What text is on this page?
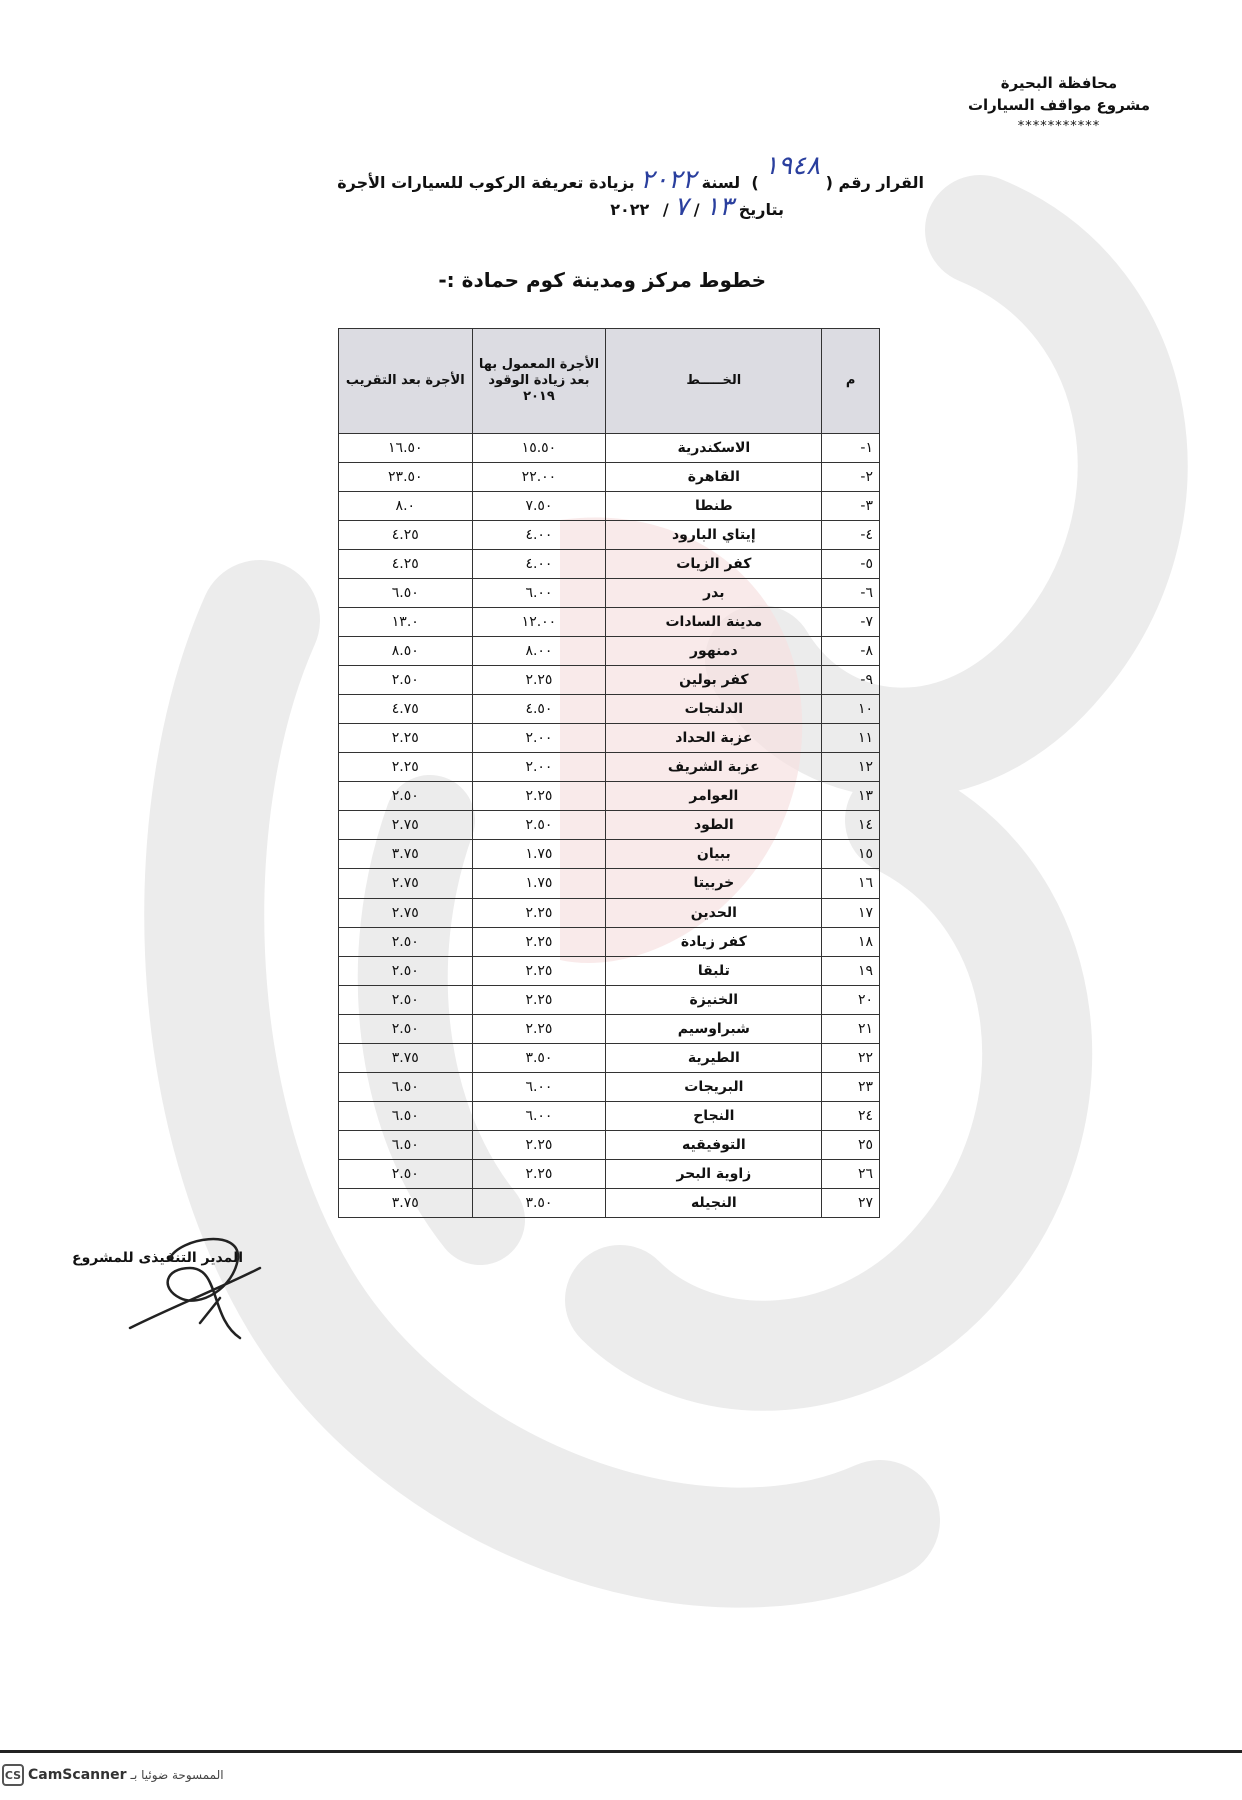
محافظة البحيرة
مشروع مواقف السيارات
***********
القرار رقم ( ١٩٤٨ )  لسنة ٢٠٢٢ بزيادة تعريفة الركوب للسيارات الأجرة
بتاريخ ١٣ / ٧ / ٢٠٢٢
خطوط مركز ومدينة كوم حمادة :-
م	الخـــــط	الأجرة المعمول بها بعد زيادة الوقود ٢٠١٩	الأجرة بعد التقريب
١-	الاسكندرية	١٥.٥٠	١٦.٥٠
٢-	القاهرة	٢٢.٠٠	٢٣.٥٠
٣-	طنطا	٧.٥٠	٨.٠
٤-	إيتاي البارود	٤.٠٠	٤.٢٥
٥-	كفر الزيات	٤.٠٠	٤.٢٥
٦-	بدر	٦.٠٠	٦.٥٠
٧-	مدينة السادات	١٢.٠٠	١٣.٠
٨-	دمنهور	٨.٠٠	٨.٥٠
٩-	كفر بولين	٢.٢٥	٢.٥٠
١٠	الدلنجات	٤.٥٠	٤.٧٥
١١	عزبة الحداد	٢.٠٠	٢.٢٥
١٢	عزبة الشريف	٢.٠٠	٢.٢٥
١٣	العوامر	٢.٢٥	٢.٥٠
١٤	الطود	٢.٥٠	٢.٧٥
١٥	ببيان	١.٧٥	٣.٧٥
١٦	خربيتا	١.٧٥	٢.٧٥
١٧	الحدين	٢.٢٥	٢.٧٥
١٨	كفر زيادة	٢.٢٥	٢.٥٠
١٩	تلبقا	٢.٢٥	٢.٥٠
٢٠	الخنيزة	٢.٢٥	٢.٥٠
٢١	شبراوسيم	٢.٢٥	٢.٥٠
٢٢	الطيرية	٣.٥٠	٣.٧٥
٢٣	البريجات	٦.٠٠	٦.٥٠
٢٤	النجاح	٦.٠٠	٦.٥٠
٢٥	التوفيقيه	٢.٢٥	٦.٥٠
٢٦	زاوية البحر	٢.٢٥	٢.٥٠
٢٧	النجيله	٣.٥٠	٣.٧٥
المدير التنفيذى للمشروع
CS CamScanner الممسوحة ضوئيا بـ
